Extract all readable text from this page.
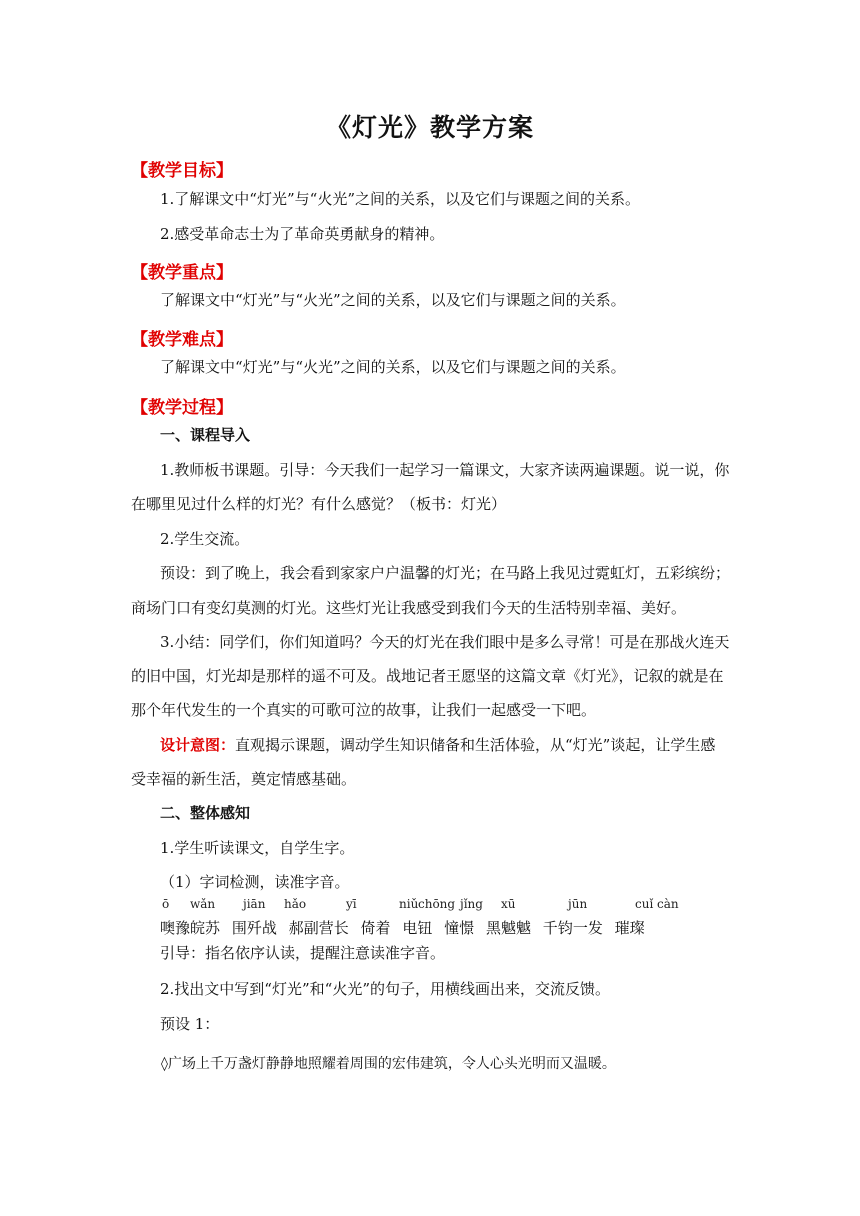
《灯光》教学方案
【教学目标】
1.了解课文中“灯光”与“火光”之间的关系，以及它们与课题之间的关系。
2.感受革命志士为了革命英勇献身的精神。
【教学重点】
了解课文中“灯光”与“火光”之间的关系，以及它们与课题之间的关系。
【教学难点】
了解课文中“灯光”与“火光”之间的关系，以及它们与课题之间的关系。
【教学过程】
一、课程导入
1.教师板书课题。引导：今天我们一起学习一篇课文，大家齐读两遍课题。说一说，你
在哪里见过什么样的灯光？有什么感觉？（板书：灯光）
2.学生交流。
预设：到了晚上，我会看到家家户户温馨的灯光；在马路上我见过霓虹灯，五彩缤纷；
商场门口有变幻莫测的灯光。这些灯光让我感受到我们今天的生活特别幸福、美好。
3.小结：同学们，你们知道吗？今天的灯光在我们眼中是多么寻常！可是在那战火连天
的旧中国，灯光却是那样的遥不可及。战地记者王愿坚的这篇文章《灯光》，记叙的就是在
那个年代发生的一个真实的可歌可泣的故事，让我们一起感受一下吧。
设计意图：直观揭示课题，调动学生知识储备和生活体验，从“灯光”谈起，让学生感
受幸福的新生活，奠定情感基础。
二、整体感知
1.学生听读课文，自学生字。
（1）字词检测，读准字音。
ō wǎn jiān hǎo	yī	niǔ chōng jǐng xū	jūn	cuǐ càn
噢豫皖苏 围歼战 郝副营长 倚着 电钮 憧憬 黑魆魆 千钧一发 璀璨
引导：指名依序认读，提醒注意读准字音。
2.找出文中写到“灯光”和“火光”的句子，用横线画出来，交流反馈。
预设 1：
◊广场上千万盏灯静静地照耀着周围的宏伟建筑，令人心头光明而又温暖。
